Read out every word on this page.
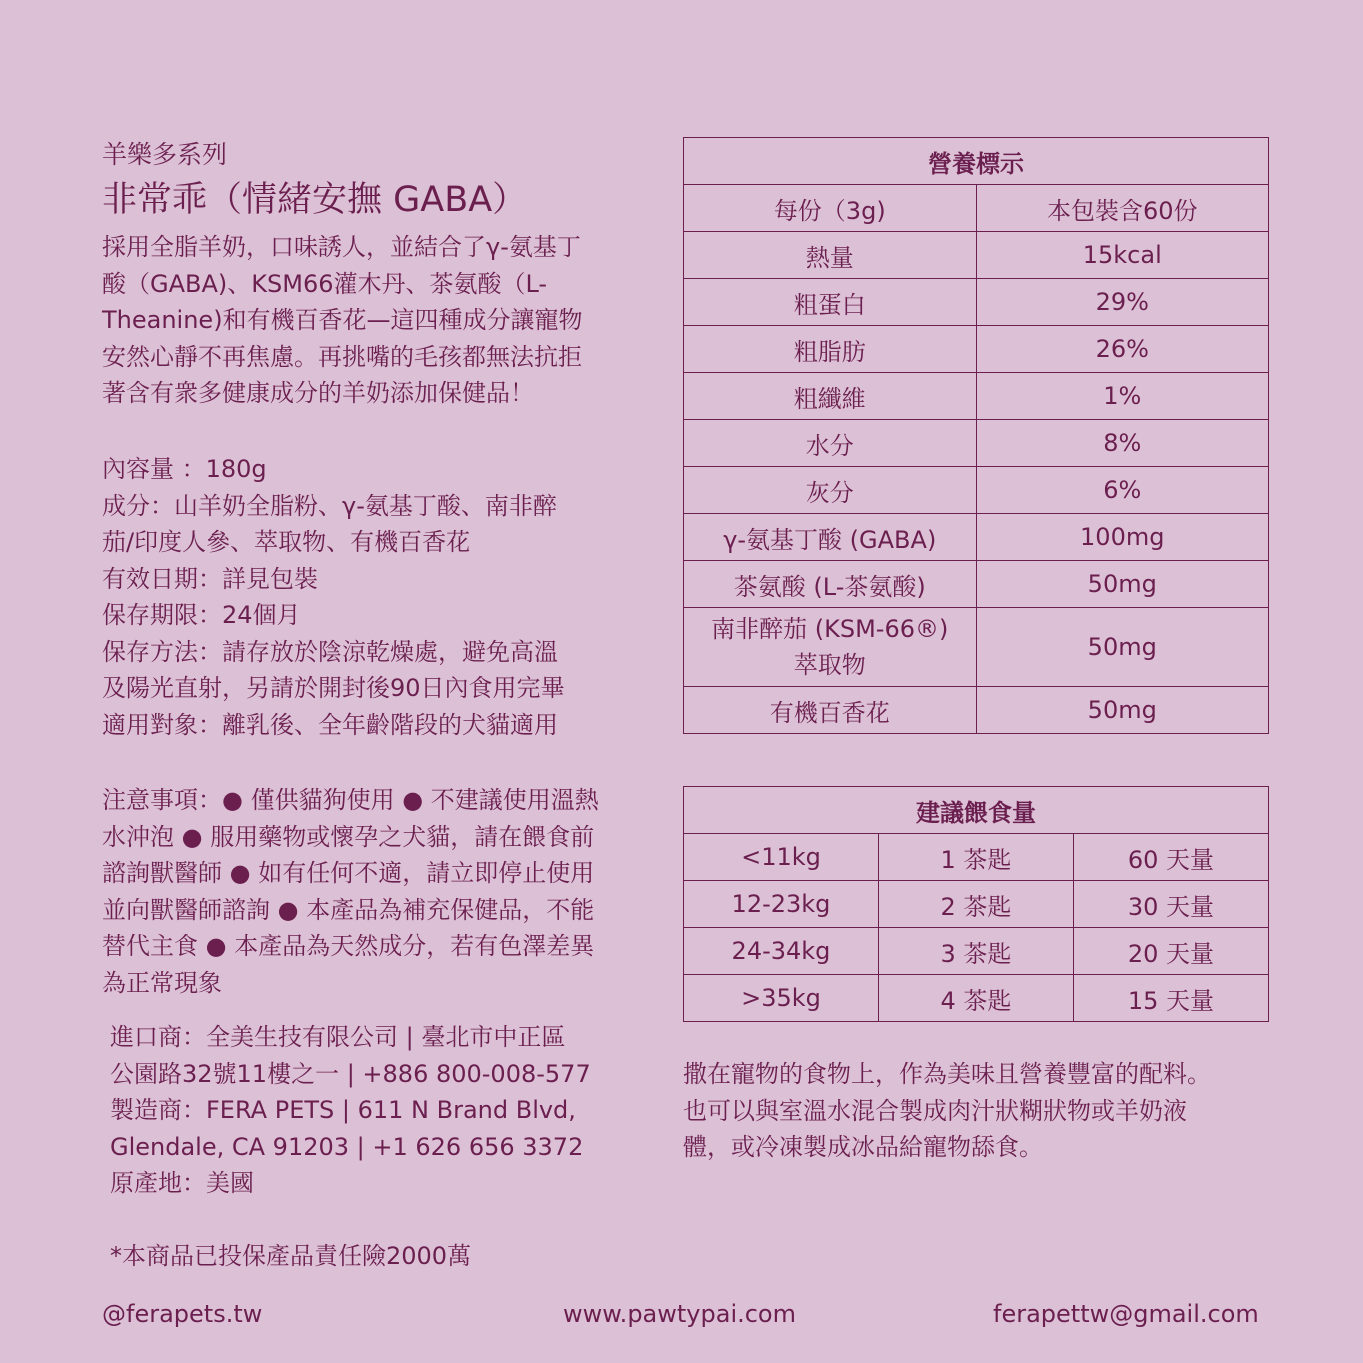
羊樂多系列
非常乖（情緒安撫 GABA）
採用全脂羊奶，口味誘人，並結合了γ-氨基丁
酸（GABA)、KSM66灌木丹、茶氨酸（L-
Theanine)和有機百香花—這四種成分讓寵物
安然心靜不再焦慮。再挑嘴的毛孩都無法抗拒
著含有衆多健康成分的羊奶添加保健品！
內容量 ：180g
成分：山羊奶全脂粉、γ-氨基丁酸、南非醉
茄/印度人參、萃取物、有機百香花
有效日期：詳見包裝
保存期限：24個月
保存方法：請存放於陰涼乾燥處，避免高溫
及陽光直射，另請於開封後90日內食用完畢
適用對象：離乳後、全年齡階段的犬貓適用
注意事項：● 僅供貓狗使用 ● 不建議使用溫熱
水沖泡 ● 服用藥物或懷孕之犬貓，請在餵食前
諮詢獸醫師 ● 如有任何不適，請立即停止使用
並向獸醫師諮詢 ● 本產品為補充保健品，不能
替代主食 ● 本產品為天然成分，若有色澤差異
為正常現象
進口商：全美生技有限公司 | 臺北市中正區
公園路32號11樓之一 | +886 800-008-577
製造商：FERA PETS | 611 N Brand Blvd,
Glendale, CA 91203 | +1 626 656 3372
原產地：美國
*本商品已投保產品責任險2000萬
營養標示	
每份（3g)	本包裝含60份
熱量	15kcal
粗蛋白	29%
粗脂肪	26%
粗纖維	1%
水分	8%
灰分	6%
γ-氨基丁酸 (GABA)	100mg
茶氨酸 (L-茶氨酸)	50mg

南非醉茄 (KSM-66®)
萃取物	50mg
有機百香花	50mg
建議餵食量		
<11kg	1 茶匙	60 天量
12-23kg	2 茶匙	30 天量
24-34kg	3 茶匙	20 天量
>35kg	4 茶匙	15 天量
撒在寵物的食物上，作為美味且營養豐富的配料。
也可以與室溫水混合製成肉汁狀糊狀物或羊奶液
體，或冷凍製成冰品給寵物舔食。
@ferapets.tw	www.pawtypai.com	ferapettw@gmail.com
